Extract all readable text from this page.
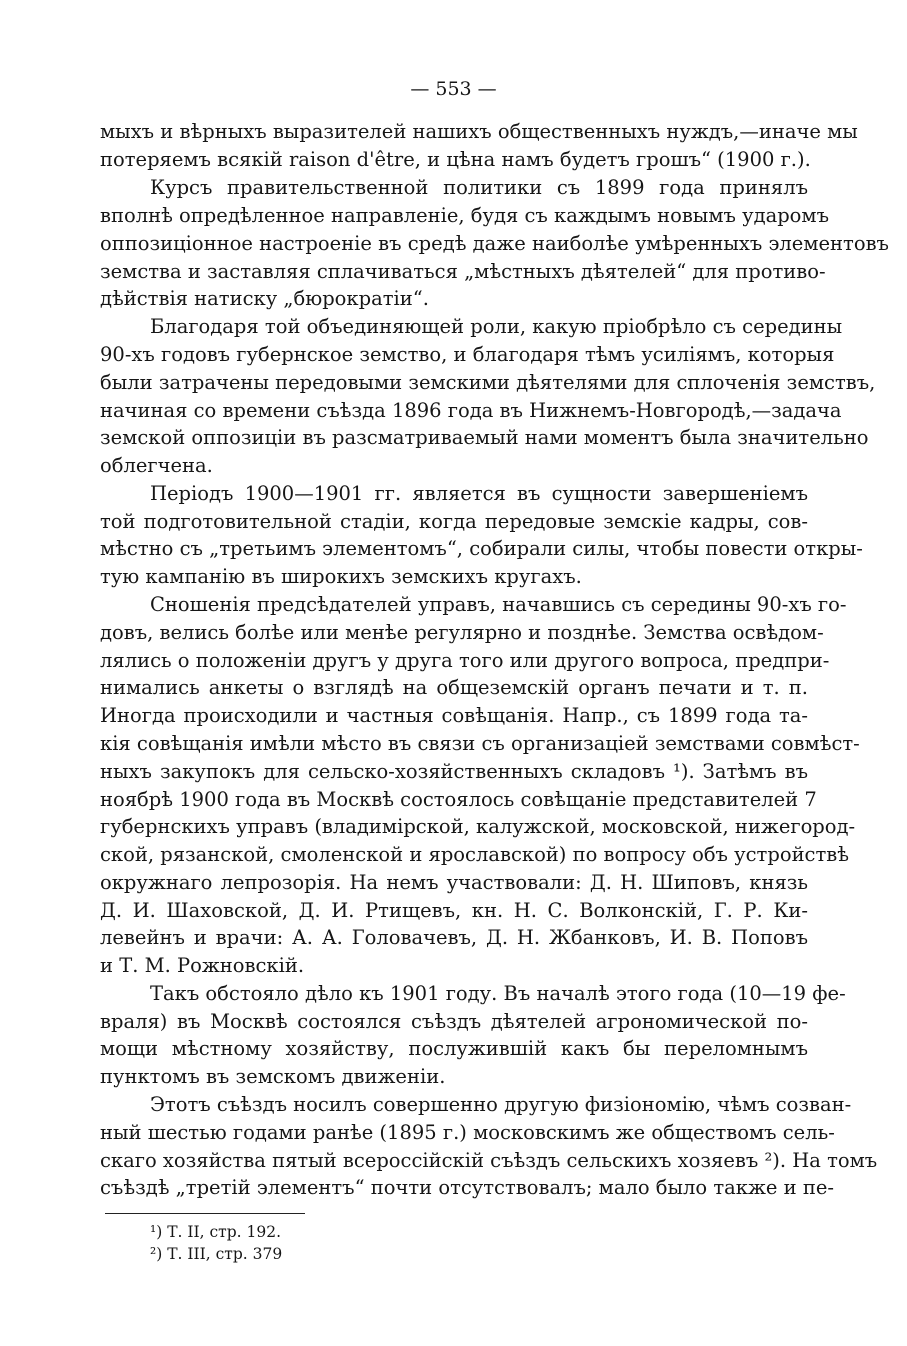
— 553 —
мыхъ и вѣрныхъ выразителей нашихъ общественныхъ нуждъ,—иначе мы
потеряемъ всякій raison d'être, и цѣна намъ будетъ грошъ“ (1900 г.).
Курсъ правительственной политики съ 1899 года принялъ
вполнѣ опредѣленное направленіе, будя съ каждымъ новымъ ударомъ
оппозиціонное настроеніе въ средѣ даже наиболѣе умѣренныхъ элементовъ
земства и заставляя сплачиваться „мѣстныхъ дѣятелей“ для противо-
дѣйствія натиску „бюрократіи“.
Благодаря той объединяющей роли, какую пріобрѣло съ середины
90-хъ годовъ губернское земство, и благодаря тѣмъ усиліямъ, которыя
были затрачены передовыми земскими дѣятелями для сплоченія земствъ,
начиная со времени съѣзда 1896 года въ Нижнемъ-Новгородѣ,—задача
земской оппозиціи въ разсматриваемый нами моментъ была значительно
облегчена.
Періодъ 1900—1901 гг. является въ сущности завершеніемъ
той подготовительной стадіи, когда передовые земскіе кадры, сов-
мѣстно съ „третьимъ элементомъ“, собирали силы, чтобы повести откры-
тую кампанію въ широкихъ земскихъ кругахъ.
Сношенія предсѣдателей управъ, начавшись съ середины 90-хъ го-
довъ, велись болѣе или менѣе регулярно и позднѣе. Земства освѣдом-
лялись о положеніи другъ у друга того или другого вопроса, предпри-
нимались анкеты о взглядѣ на общеземскій органъ печати и т. п.
Иногда происходили и частныя совѣщанія. Напр., съ 1899 года та-
кія совѣщанія имѣли мѣсто въ связи съ организаціей земствами совмѣст-
ныхъ закупокъ для сельско-хозяйственныхъ складовъ ¹). Затѣмъ въ
ноябрѣ 1900 года въ Москвѣ состоялось совѣщаніе представителей 7
губернскихъ управъ (владимірской, калужской, московской, нижегород-
ской, рязанской, смоленской и ярославской) по вопросу объ устройствѣ
окружнаго лепрозорія. На немъ участвовали: Д. Н. Шиповъ, князь
Д. И. Шаховской, Д. И. Ртищевъ, кн. Н. С. Волконскій, Г. Р. Ки-
левейнъ и врачи: А. А. Головачевъ, Д. Н. Жбанковъ, И. В. Поповъ
и Т. М. Рожновскій.
Такъ обстояло дѣло къ 1901 году. Въ началѣ этого года (10—19 фе-
враля) въ Москвѣ состоялся съѣздъ дѣятелей агрономической по-
мощи мѣстному хозяйству, послужившій какъ бы переломнымъ
пунктомъ въ земскомъ движеніи.
Этотъ съѣздъ носилъ совершенно другую физіономію, чѣмъ созван-
ный шестью годами ранѣе (1895 г.) московскимъ же обществомъ сель-
скаго хозяйства пятый всероссійскій съѣздъ сельскихъ хозяевъ ²). На томъ
съѣздѣ „третій элементъ“ почти отсутствовалъ; мало было также и пе-
¹) Т. II, стр. 192.
²) Т. III, стр. 379
